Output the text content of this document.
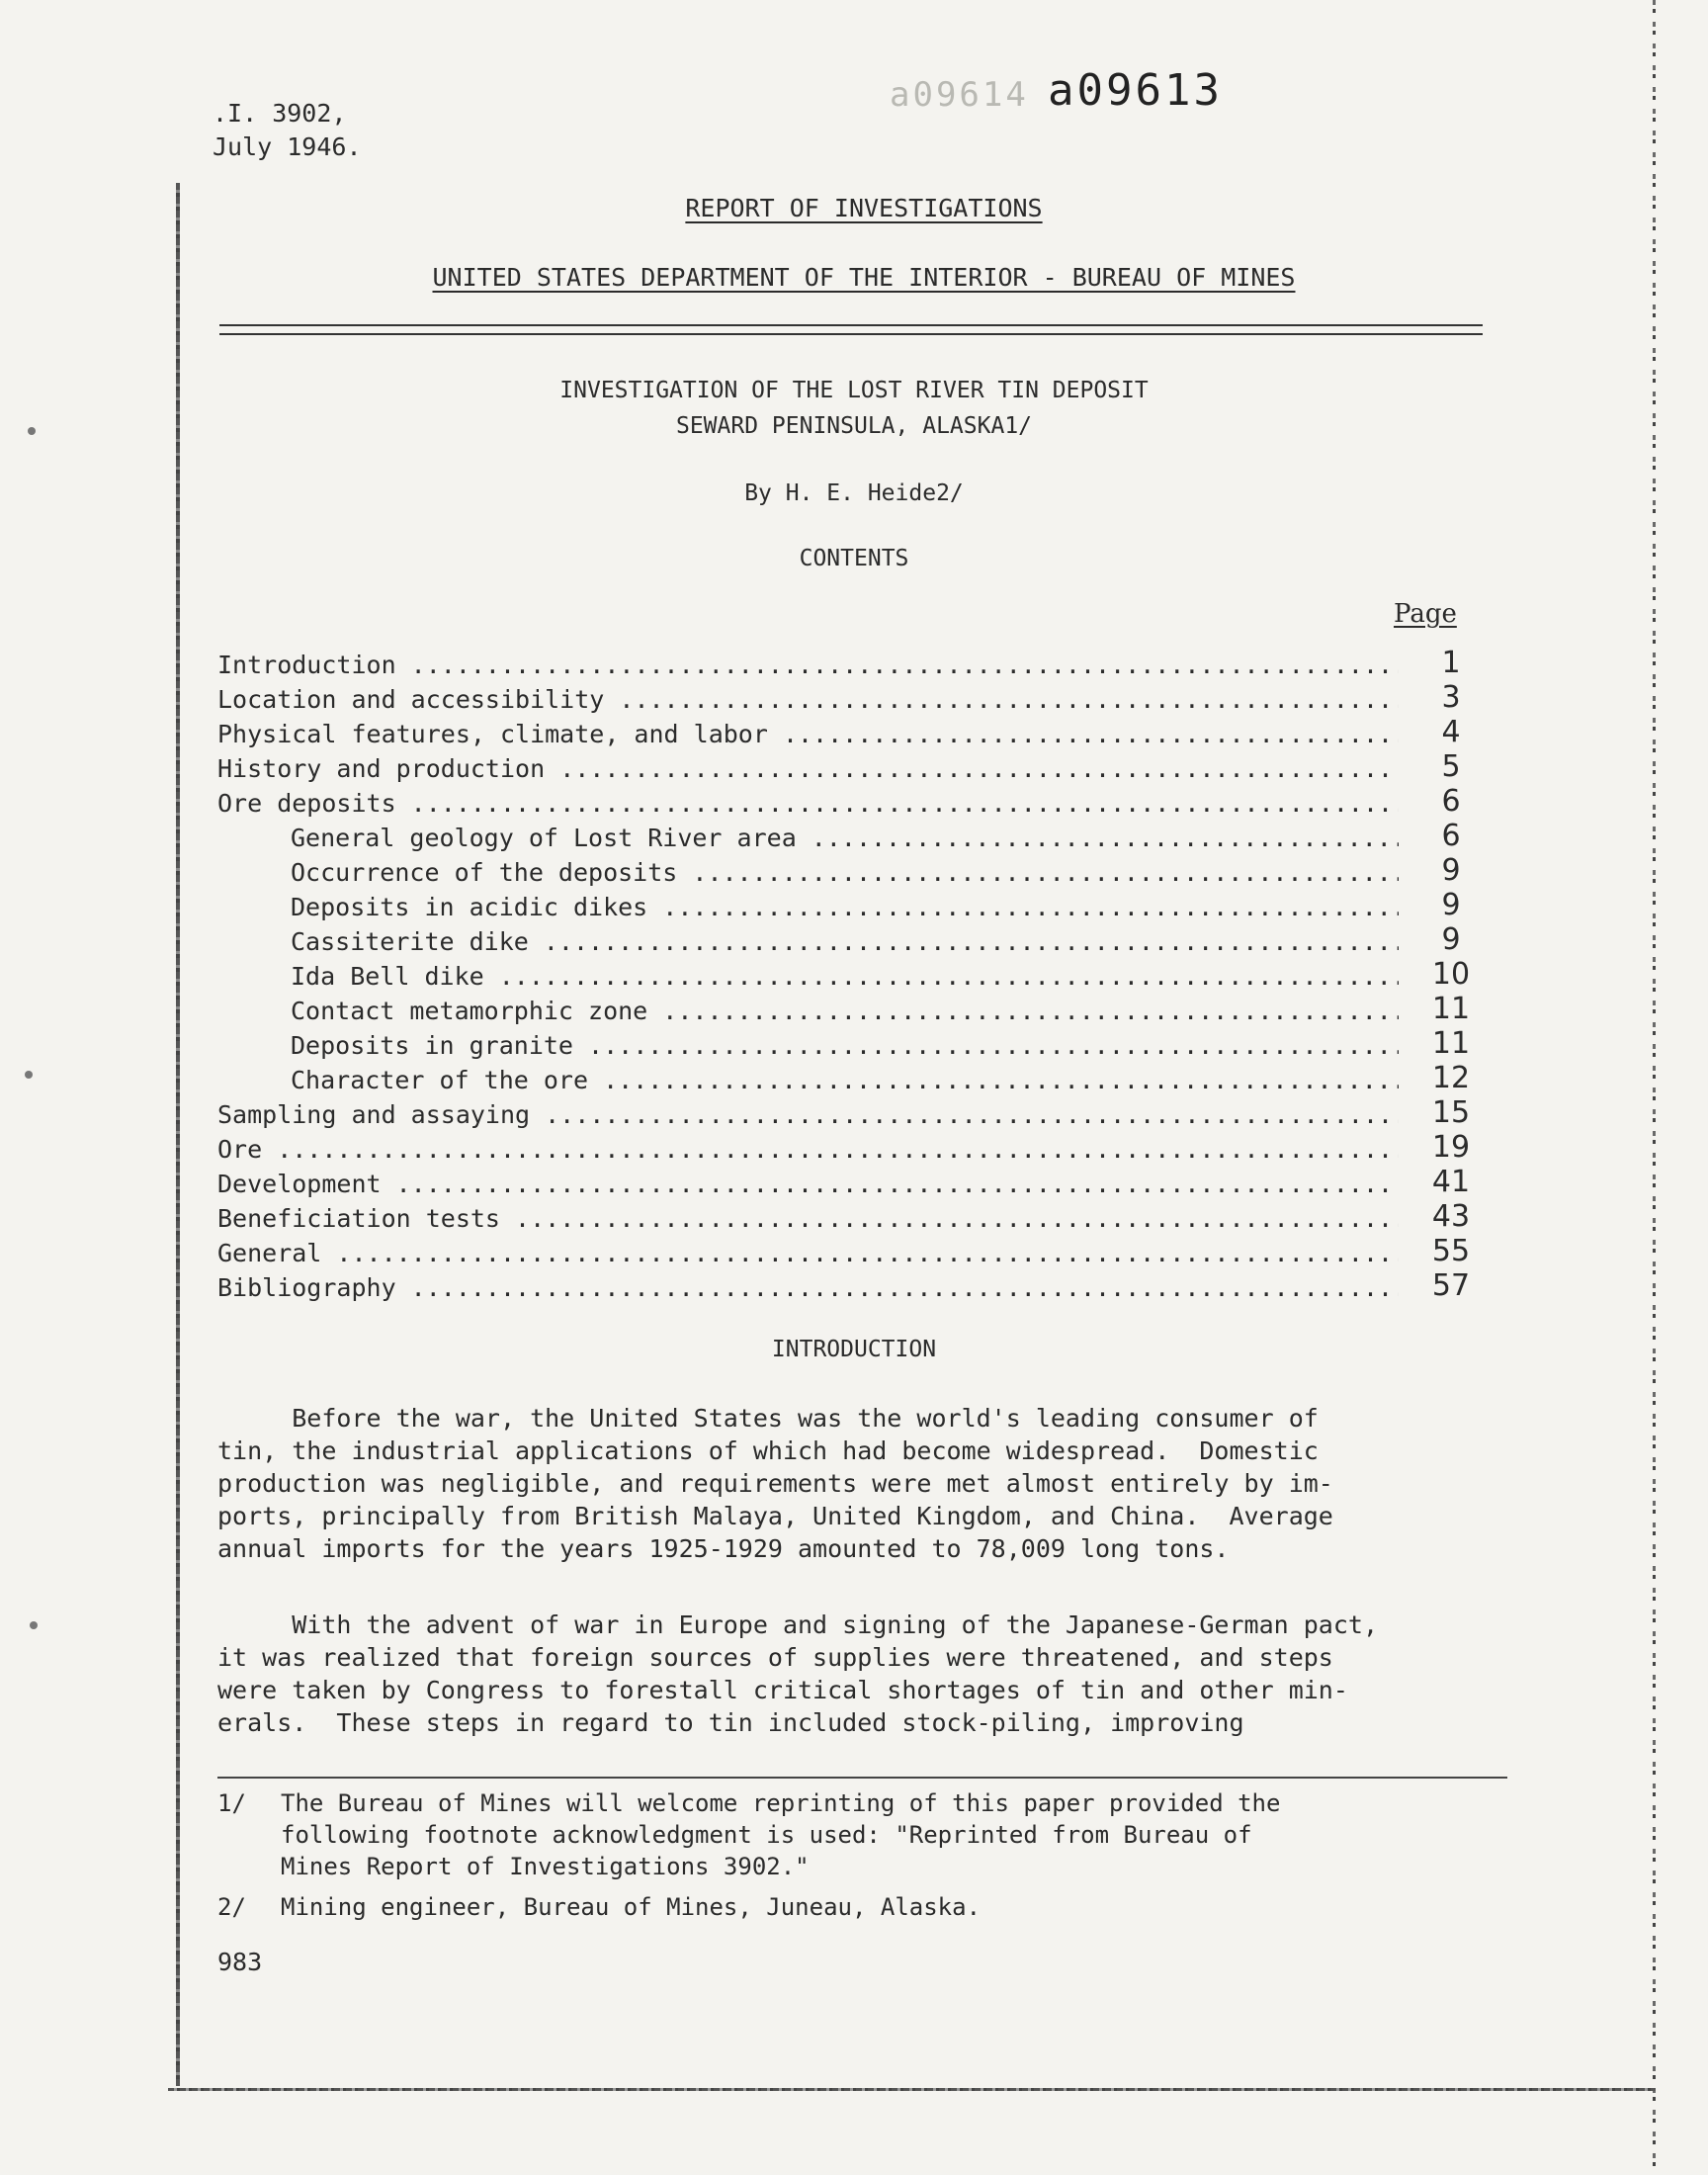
a09614
.I. 3902,
July 1946.
a09613
REPORT OF INVESTIGATIONS
UNITED STATES DEPARTMENT OF THE INTERIOR - BUREAU OF MINES
INVESTIGATION OF THE LOST RIVER TIN DEPOSIT
SEWARD PENINSULA, ALASKA1/
By H. E. Heide2/
CONTENTS
Page
Introduction .....	1
Location and accessibility .....	3
Physical features, climate, and labor .....	4
History and production .....	5
Ore deposits .....	6
General geology of Lost River area .....	6
Occurrence of the deposits .....	9
Deposits in acidic dikes .....	9
Cassiterite dike .....	9
Ida Bell dike .....	10
Contact metamorphic zone .....	11
Deposits in granite .....	11
Character of the ore .....	12
Sampling and assaying .....	15
Ore .....	19
Development .....	41
Beneficiation tests .....	43
General .....	55
Bibliography .....	57
INTRODUCTION
Before the war, the United States was the world's leading consumer of
tin, the industrial applications of which had become widespread.  Domestic
production was negligible, and requirements were met almost entirely by im-
ports, principally from British Malaya, United Kingdom, and China.  Average
annual imports for the years 1925-1929 amounted to 78,009 long tons.
With the advent of war in Europe and signing of the Japanese-German pact,
it was realized that foreign sources of supplies were threatened, and steps
were taken by Congress to forestall critical shortages of tin and other min-
erals.  These steps in regard to tin included stock-piling, improving
1/ The Bureau of Mines will welcome reprinting of this paper provided the
following footnote acknowledgment is used: "Reprinted from Bureau of
Mines Report of Investigations 3902."
2/ Mining engineer, Bureau of Mines, Juneau, Alaska.
983
